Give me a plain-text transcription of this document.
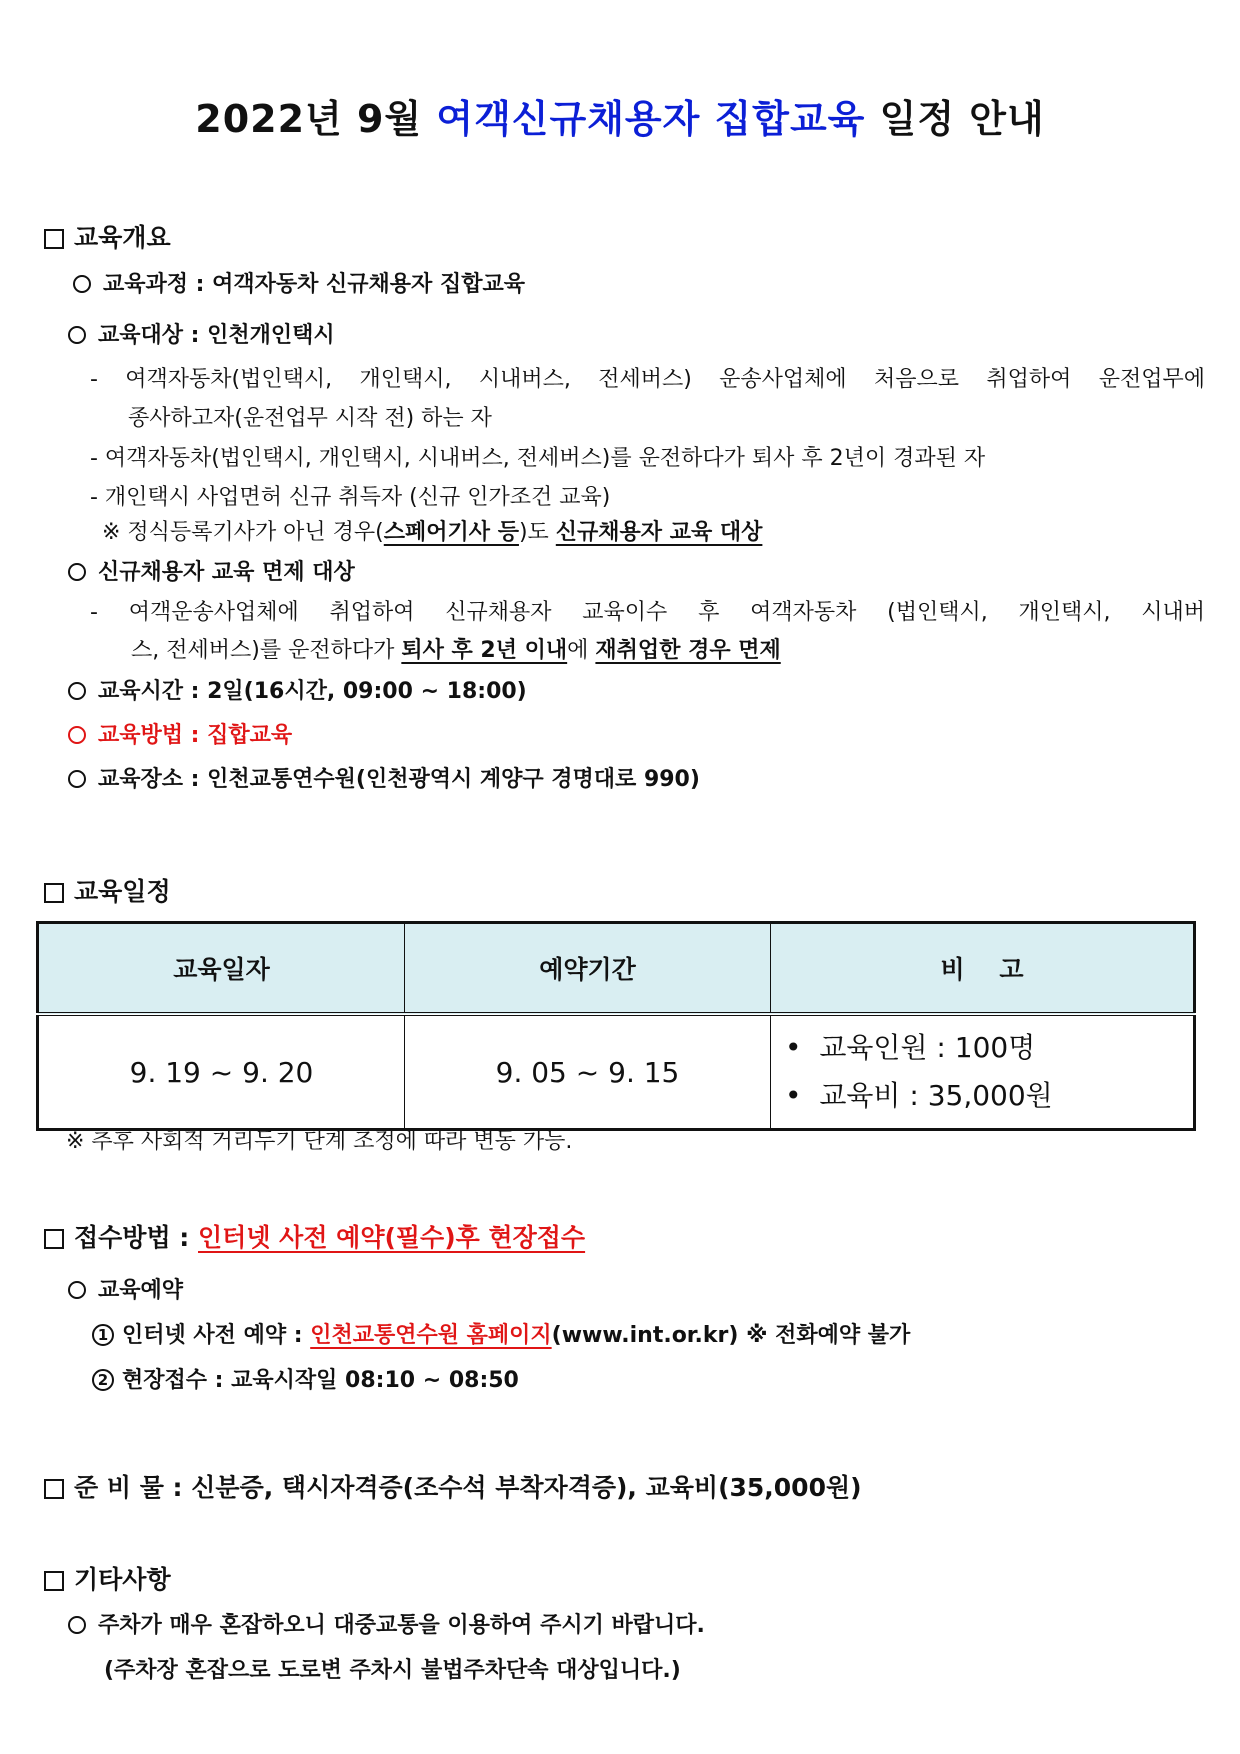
2022년 9월 여객신규채용자 집합교육 일정 안내
교육개요
교육과정 : 여객자동차 신규채용자 집합교육
교육대상 : 인천개인택시
- 여객자동차(법인택시, 개인택시, 시내버스, 전세버스) 운송사업체에 처음으로 취업하여 운전업무에
종사하고자(운전업무 시작 전) 하는 자
- 여객자동차(법인택시, 개인택시, 시내버스, 전세버스)를 운전하다가 퇴사 후 2년이 경과된 자
- 개인택시 사업면허 신규 취득자 (신규 인가조건 교육)
※ 정식등록기사가 아닌 경우(스페어기사 등)도 신규채용자 교육 대상
신규채용자 교육 면제 대상
- 여객운송사업체에 취업하여 신규채용자 교육이수 후 여객자동차 (법인택시, 개인택시, 시내버
스, 전세버스)를 운전하다가 퇴사 후 2년 이내에 재취업한 경우 면제
교육시간 : 2일(16시간, 09:00 ~ 18:00)
교육방법 : 집합교육
교육장소 : 인천교통연수원(인천광역시 계양구 경명대로 990)
교육일정
교육일자	예약기간	비    고
9. 19 ~ 9. 20	9. 05 ~ 9. 15	•  교육인원 : 100명
•  교육비 : 35,000원
※ 추후 사회적 거리두기 단계 조정에 따라 변동 가능.
접수방법 : 인터넷 사전 예약(필수)후 현장접수
교육예약
1 인터넷 사전 예약 : 인천교통연수원 홈페이지(www.int.or.kr) ※ 전화예약 불가
2 현장접수 : 교육시작일 08:10 ~ 08:50
준 비 물 : 신분증, 택시자격증(조수석 부착자격증), 교육비(35,000원)
기타사항
주차가 매우 혼잡하오니 대중교통을 이용하여 주시기 바랍니다.
(주차장 혼잡으로 도로변 주차시 불법주차단속 대상입니다.)
